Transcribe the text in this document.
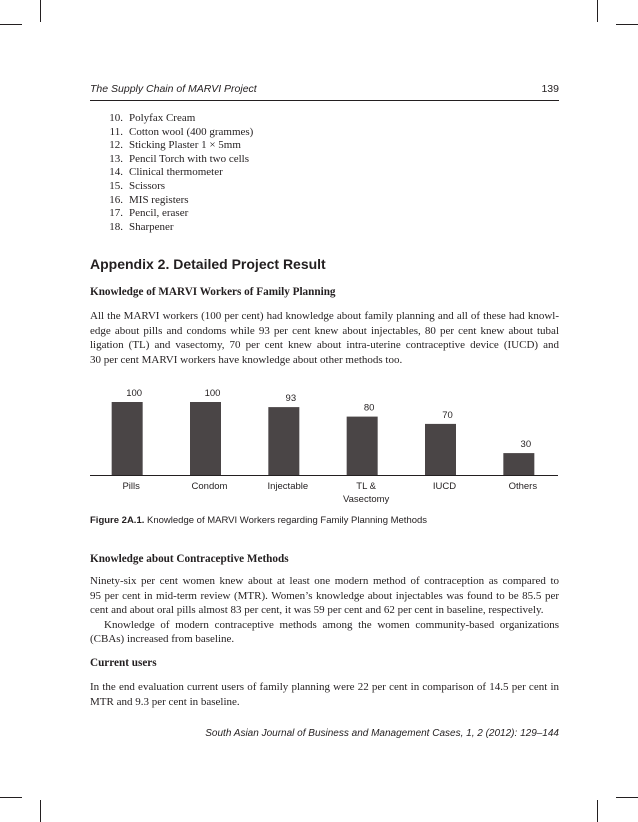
The Supply Chain of MARVI Project	139
10. Polyfax Cream
11. Cotton wool (400 grammes)
12. Sticking Plaster 1 × 5mm
13. Pencil Torch with two cells
14. Clinical thermometer
15. Scissors
16. MIS registers
17. Pencil, eraser
18. Sharpener
Appendix 2. Detailed Project Result
Knowledge of MARVI Workers of Family Planning

All the MARVI workers (100 per cent) had knowledge about family planning and all of these had knowl-
edge about pills and condoms while 93 per cent knew about injectables, 80 per cent knew about tubal
ligation (TL) and vasectomy, 70 per cent knew about intra-uterine contraceptive device (IUCD) and
30 per cent MARVI workers have knowledge about other methods too.

100
Pills
100
Condom
93
Injectable
80
TL & Vasectomy
70
IUCD
30
Others
Figure 2A.1. Knowledge of MARVI Workers regarding Family Planning Methods
Knowledge about Contraceptive Methods

Ninety-six per cent women knew about at least one modern method of contraception as compared to
95 per cent in mid-term review (MTR). Women’s knowledge about injectables was found to be 85.5 per
cent and about oral pills almost 83 per cent, it was 59 per cent and 62 per cent in baseline, respectively.
Knowledge of modern contraceptive methods among the women community-based organizations
(CBAs) increased from baseline.

Current users

In the end evaluation current users of family planning were 22 per cent in comparison of 14.5 per cent in
MTR and 9.3 per cent in baseline.

South Asian Journal of Business and Management Cases, 1, 2 (2012): 129–144
